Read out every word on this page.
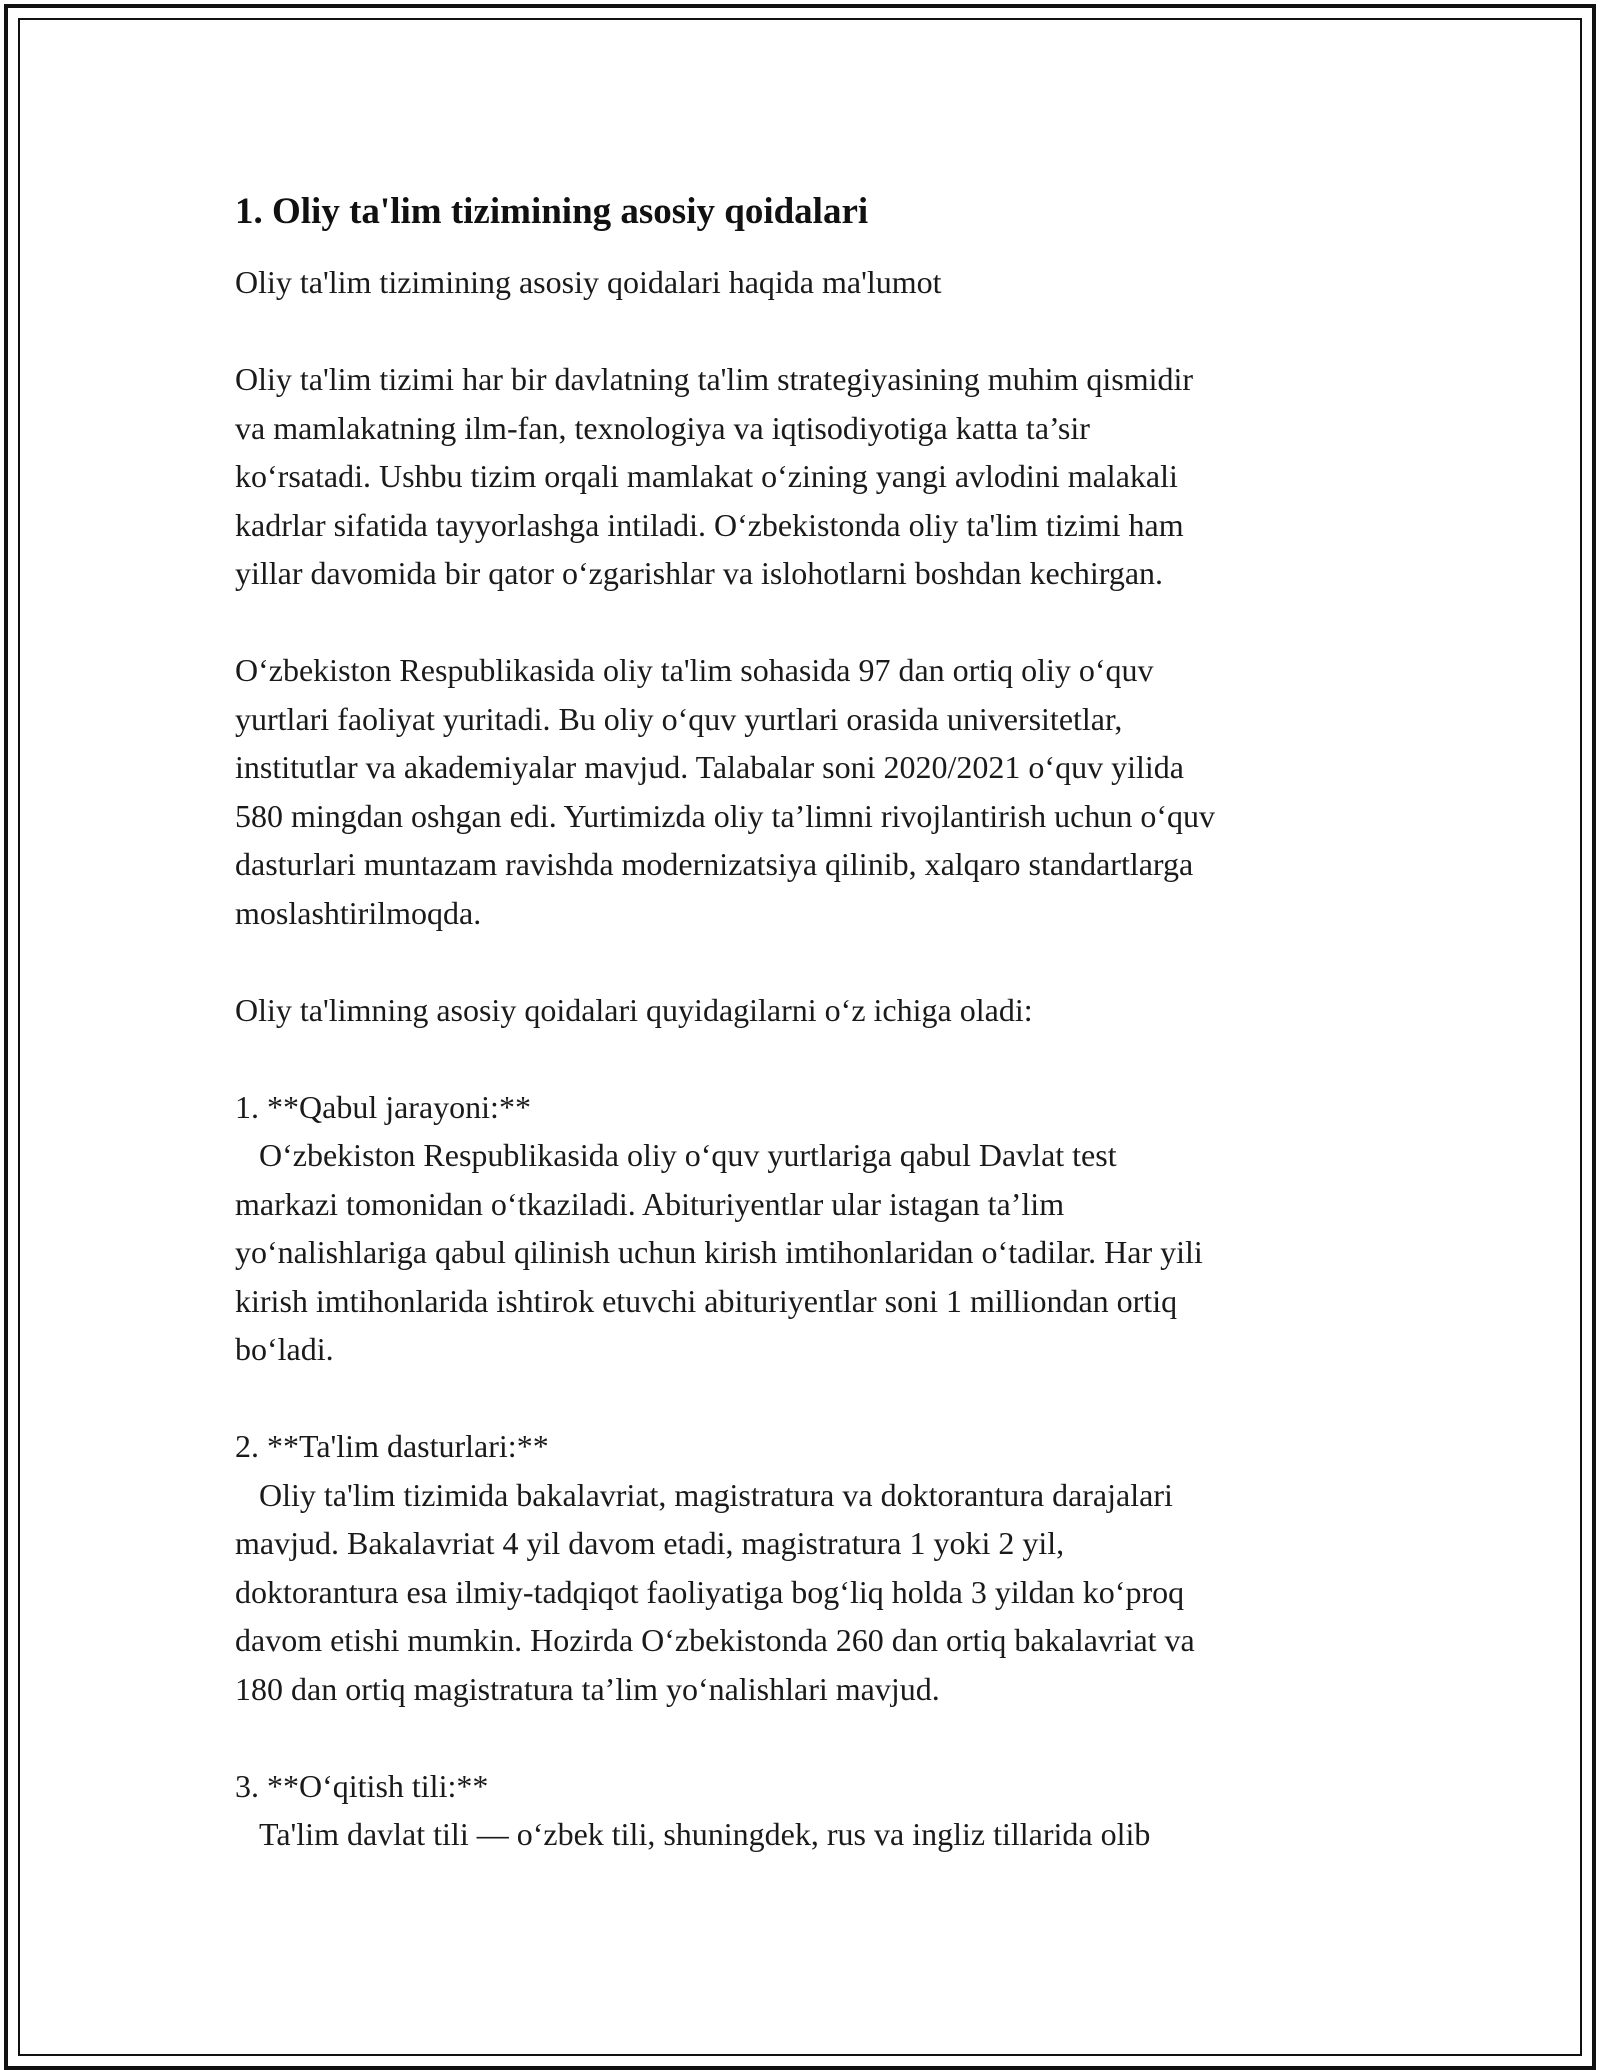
1. Oliy ta'lim tizimining asosiy qoidalari

Oliy ta'lim tizimining asosiy qoidalari haqida ma'lumot

Oliy ta'lim tizimi har bir davlatning ta'lim strategiyasining muhim qismidir
va mamlakatning ilm-fan, texnologiya va iqtisodiyotiga katta ta’sir
koʻrsatadi. Ushbu tizim orqali mamlakat oʻzining yangi avlodini malakali
kadrlar sifatida tayyorlashga intiladi. Oʻzbekistonda oliy ta'lim tizimi ham
yillar davomida bir qator oʻzgarishlar va islohotlarni boshdan kechirgan.

Oʻzbekiston Respublikasida oliy ta'lim sohasida 97 dan ortiq oliy oʻquv
yurtlari faoliyat yuritadi. Bu oliy oʻquv yurtlari orasida universitetlar,
institutlar va akademiyalar mavjud. Talabalar soni 2020/2021 oʻquv yilida
580 mingdan oshgan edi. Yurtimizda oliy ta’limni rivojlantirish uchun oʻquv
dasturlari muntazam ravishda modernizatsiya qilinib, xalqaro standartlarga
moslashtirilmoqda.

Oliy ta'limning asosiy qoidalari quyidagilarni oʻz ichiga oladi:

1. **Qabul jarayoni:**
Oʻzbekiston Respublikasida oliy oʻquv yurtlariga qabul Davlat test
markazi tomonidan oʻtkaziladi. Abituriyentlar ular istagan ta’lim
yoʻnalishlariga qabul qilinish uchun kirish imtihonlaridan oʻtadilar. Har yili
kirish imtihonlarida ishtirok etuvchi abituriyentlar soni 1 milliondan ortiq
boʻladi.

2. **Ta'lim dasturlari:**
Oliy ta'lim tizimida bakalavriat, magistratura va doktorantura darajalari
mavjud. Bakalavriat 4 yil davom etadi, magistratura 1 yoki 2 yil,
doktorantura esa ilmiy-tadqiqot faoliyatiga bogʻliq holda 3 yildan koʻproq
davom etishi mumkin. Hozirda Oʻzbekistonda 260 dan ortiq bakalavriat va
180 dan ortiq magistratura ta’lim yoʻnalishlari mavjud.

3. **Oʻqitish tili:**
Ta'lim davlat tili — oʻzbek tili, shuningdek, rus va ingliz tillarida olib
